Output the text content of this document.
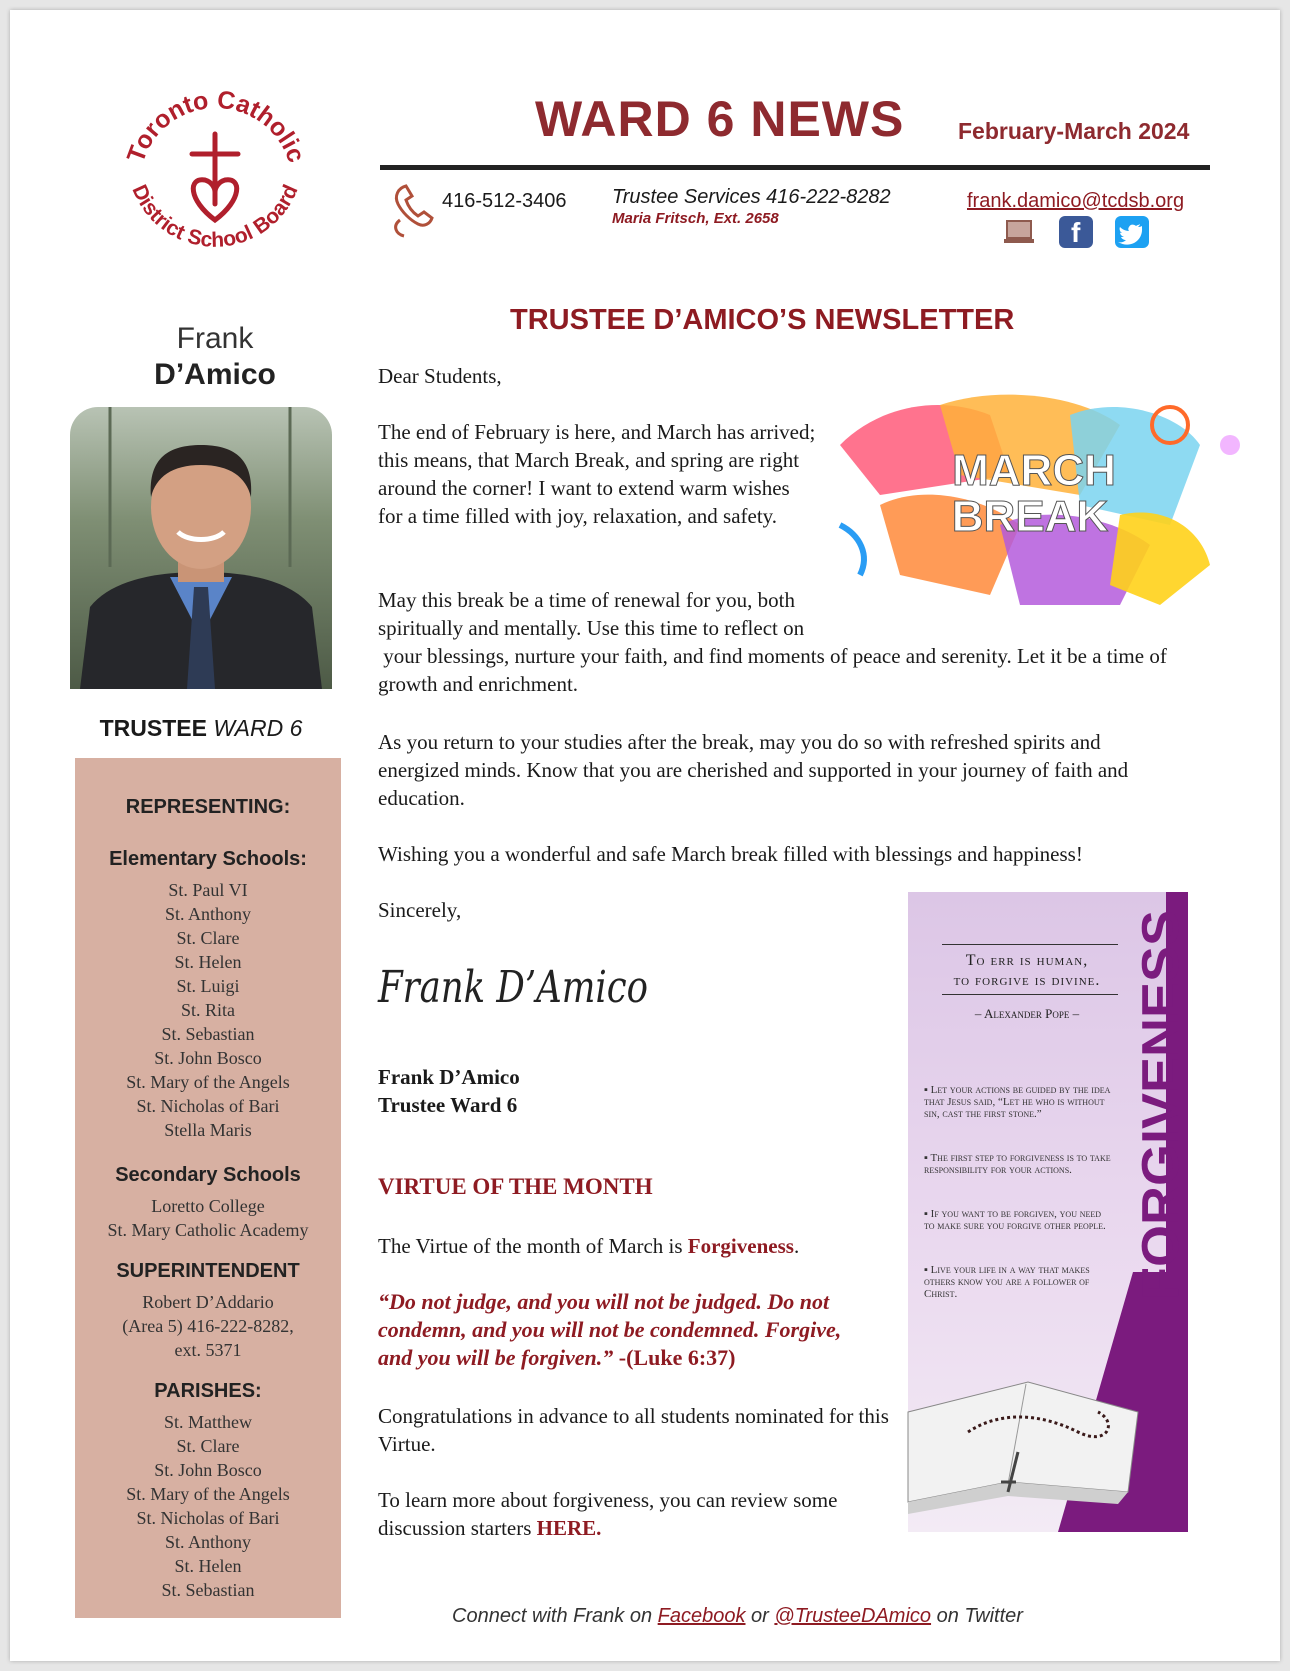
Toronto Catholic
District School Board
WARD 6 NEWS February-March 2024
416-512-3406 Trustee Services 416-222-8282
Maria Fritsch, Ext. 2658
frank.damico@tcdsb.org
f
Frank
D’Amico
TRUSTEE WARD 6
REPRESENTING:
Elementary Schools:
St. Paul VI
St. Anthony
St. Clare
St. Helen
St. Luigi
St. Rita
St. Sebastian
St. John Bosco
St. Mary of the Angels
St. Nicholas of Bari
Stella Maris
Secondary Schools
Loretto College
St. Mary Catholic Academy
SUPERINTENDENT
Robert D’Addario
(Area 5) 416-222-8282,
ext. 5371
PARISHES:
St. Matthew
St. Clare
St. John Bosco
St. Mary of the Angels
St. Nicholas of Bari
St. Anthony
St. Helen
St. Sebastian
TRUSTEE D’AMICO’S NEWSLETTER
Dear Students,
The end of February is here, and March has arrived; this means, that March Break, and spring are right around the corner! I want to extend warm wishes for a time filled with joy, relaxation, and safety.
MARCH
BREAK
May this break be a time of renewal for you, both spiritually and mentally. Use this time to reflect on
your blessings, nurture your faith, and find moments of peace and serenity. Let it be a time of growth and enrichment.
As you return to your studies after the break, may you do so with refreshed spirits and energized minds. Know that you are cherished and supported in your journey of faith and education.
Wishing you a wonderful and safe March break filled with blessings and happiness!
Sincerely,
Frank D’Amico
Frank D’Amico
Trustee Ward 6
VIRTUE OF THE MONTH
The Virtue of the month of March is Forgiveness.
“Do not judge, and you will not be judged. Do not condemn, and you will not be condemned. Forgive, and you will be forgiven.” -(Luke 6:37)
Congratulations in advance to all students nominated for this Virtue.
To learn more about forgiveness, you can review some discussion starters HERE.
To err is human,
to forgive is divine.
– Alexander Pope –
▪ Let your actions be guided by the idea that Jesus said, “Let he who is without sin, cast the first stone.”
▪ The first step to forgiveness is to take responsibility for your actions.
▪ If you want to be forgiven, you need to make sure you forgive other people.
▪ Live your life in a way that makes others know you are a follower of Christ.	FORGIVENESS
Connect with Frank on Facebook or @TrusteeDAmico on Twitter
